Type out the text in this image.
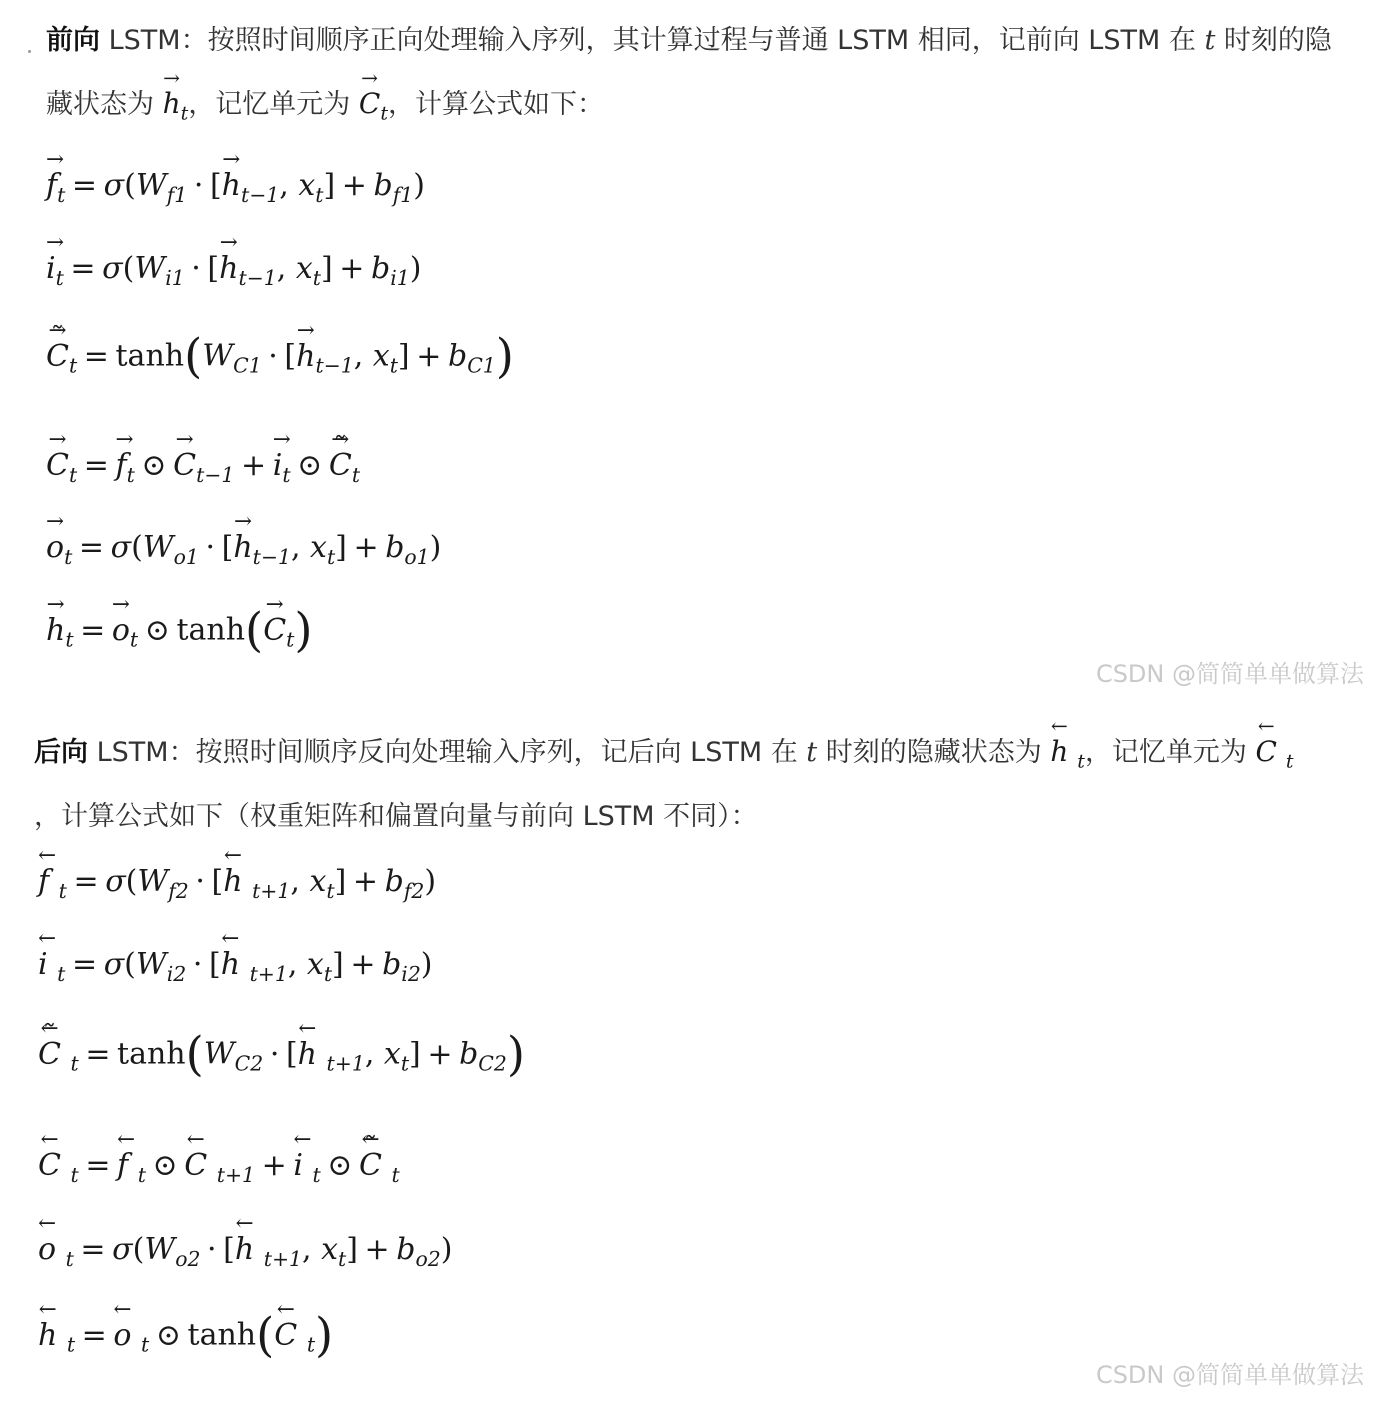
前向 LSTM：按照时间顺序正向处理输入序列，其计算过程与普通 LSTM 相同，记前向 LSTM 在 t 时刻的隐
藏状态为 → $h_t$，记忆单元为 → $C_t$，计算公式如下：
→ $f_t = \sigma(W_{f1}$ · [→ $h_{t-1}$, $x_t] + b_{f1}$)
→ $i_t = \sigma(W_{i1}$ · [→ $h_{t-1}$, $x_t] + b_{i1}$)
→ C $˜_t = \tanh(W_{C1}$ · [→ $h_{t-1}$, $x_t] + b_{C1}$)
→ $C_t =\to f_t$ ⊙→ $C_{t-1} +\to i_t$ ⊙→ C $˜_t$
→ $o_t = \sigma(W_{o1}$ · [→ $h_{t-1}$, $x_t] + b_{o1}$)
→ $h_t =\to o_t$ ⊙ $\tanh(\to C_t)$
CSDN @简简单单做算法
后向 LSTM：按照时间顺序反向处理输入序列，记后向 LSTM 在 t 时刻的隐藏状态为 ← h $_t$，记忆单元为 ← C $_t$
，计算公式如下（权重矩阵和偏置向量与前向 LSTM 不同）：
← f $_t = \sigma(W_{f2}$ · [← h $_{t+1}$, $x_t] + b_{f2}$)
← i $_t = \sigma(W_{i2}$ · [← h $_{t+1}$, $x_t] + b_{i2}$)
← C ˜ $_t = \tanh(W_{C2}$ · [← h $_{t+1}$, $x_t] + b_{C2}$)
← C $_t$ =← f $_t$ ⊙← C $_{t+1}$ +← i $_t$ ⊙← C ˜ $_t$
← o $_t = \sigma(W_{o2}$ · [← h $_{t+1}$, $x_t] + b_{o2}$)
← h $_t$ =← o $_t$ ⊙ tanh(← C $_t$)
CSDN @简简单单做算法
